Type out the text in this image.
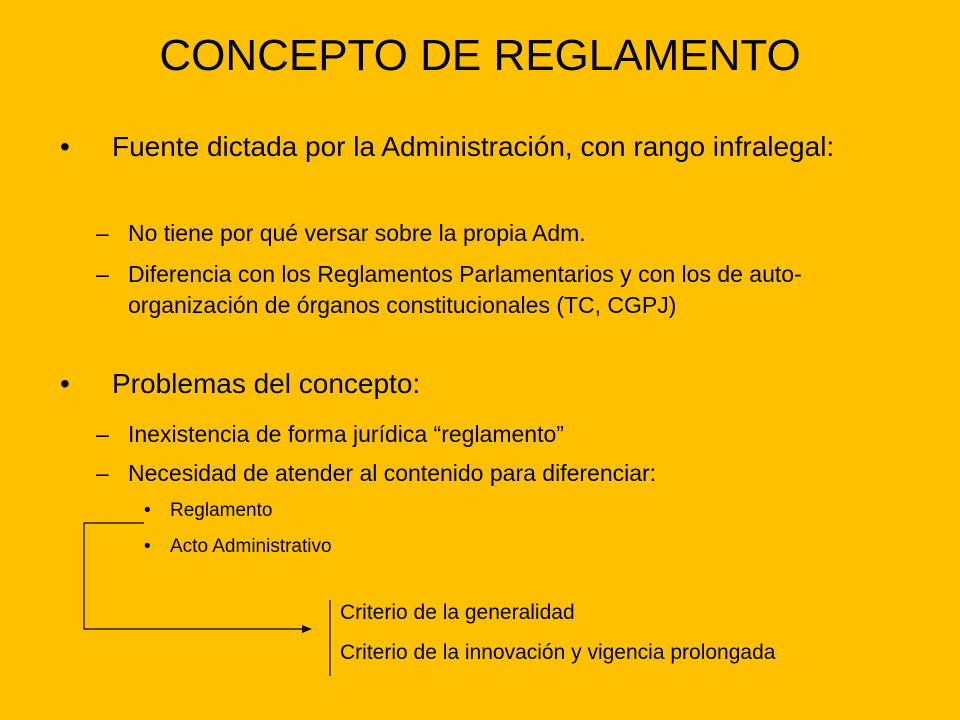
CONCEPTO DE REGLAMENTO
• Fuente dictada por la Administración, con rango infralegal:
– No tiene por qué versar sobre la propia Adm.
– Diferencia con los Reglamentos Parlamentarios y con los de auto-organización de órganos constitucionales (TC, CGPJ)
• Problemas del concepto:
– Inexistencia de forma jurídica “reglamento”
– Necesidad de atender al contenido para diferenciar:
• Reglamento
• Acto Administrativo
Criterio de la generalidad
Criterio de la innovación y vigencia prolongada
